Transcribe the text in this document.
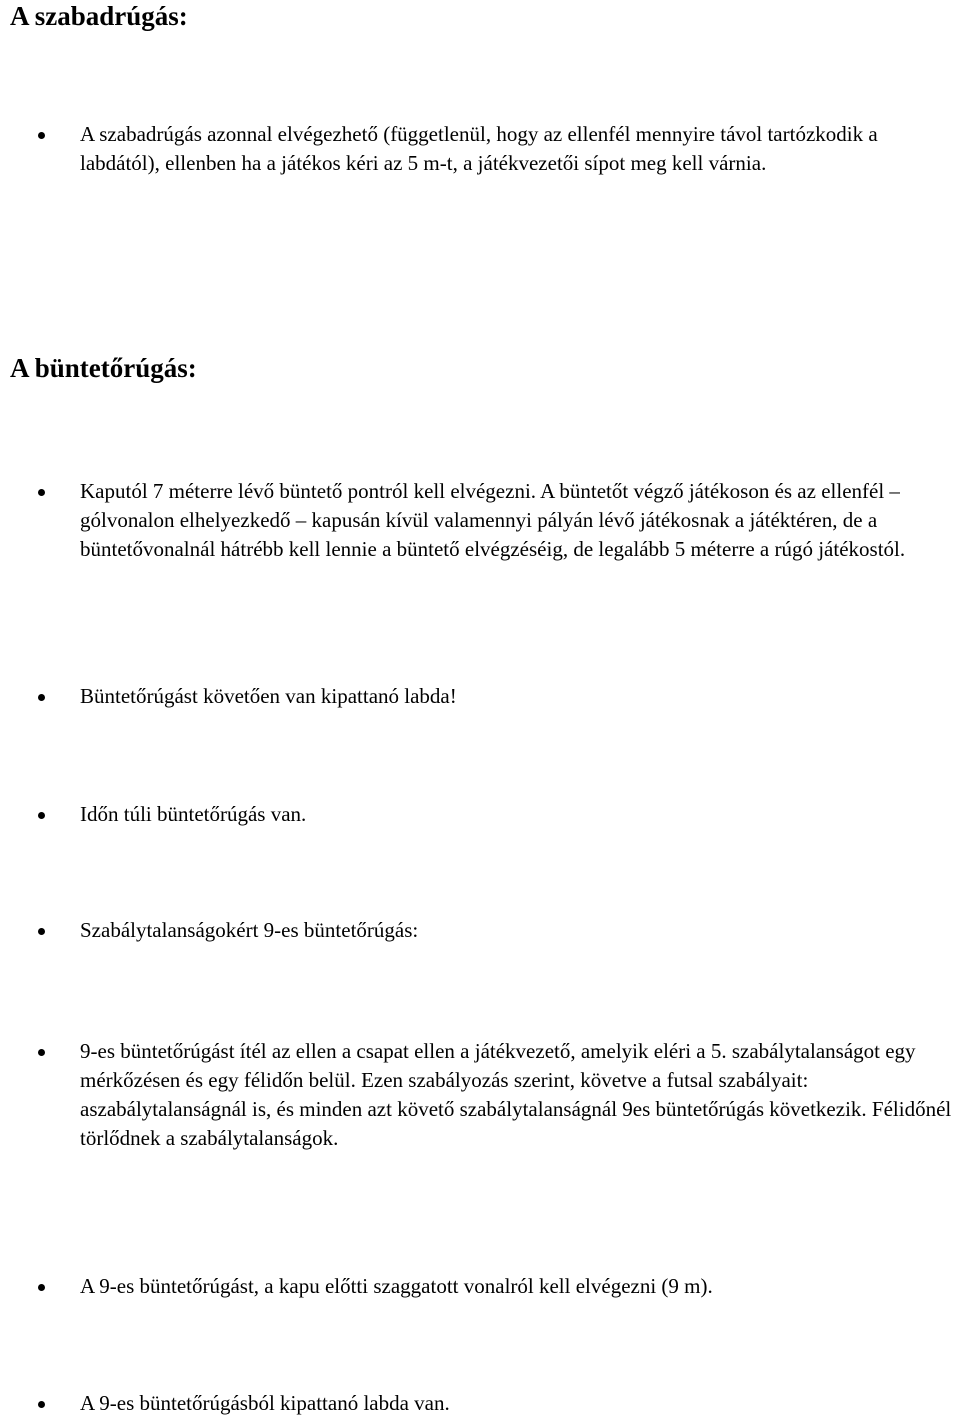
A szabadrúgás:
A szabadrúgás azonnal elvégezhető (függetlenül, hogy az ellenfél mennyire távol tartózkodik a labdától), ellenben ha a játékos kéri az 5 m-t, a játékvezetői sípot meg kell várnia.
A büntetőrúgás:
Kaputól 7 méterre lévő büntető pontról kell elvégezni. A büntetőt végző játékoson és az ellenfél – gólvonalon elhelyezkedő – kapusán kívül valamennyi pályán lévő játékosnak a játéktéren, de a büntetővonalnál hátrébb kell lennie a büntető elvégzéséig, de legalább 5 méterre a rúgó játékostól.
Büntetőrúgást követően van kipattanó labda!
Időn túli büntetőrúgás van.
Szabálytalanságokért 9-es büntetőrúgás:
9-es büntetőrúgást ítél az ellen a csapat ellen a játékvezető, amelyik eléri a 5. szabálytalanságot egy mérkőzésen és egy félidőn belül. Ezen szabályozás szerint, követve a futsal szabályait: aszabálytalanságnál is, és minden azt követő szabálytalanságnál 9es büntetőrúgás következik. Félidőnél törlődnek a szabálytalanságok.
A 9-es büntetőrúgást, a kapu előtti szaggatott vonalról kell elvégezni (9 m).
A 9-es büntetőrúgásból kipattanó labda van.
